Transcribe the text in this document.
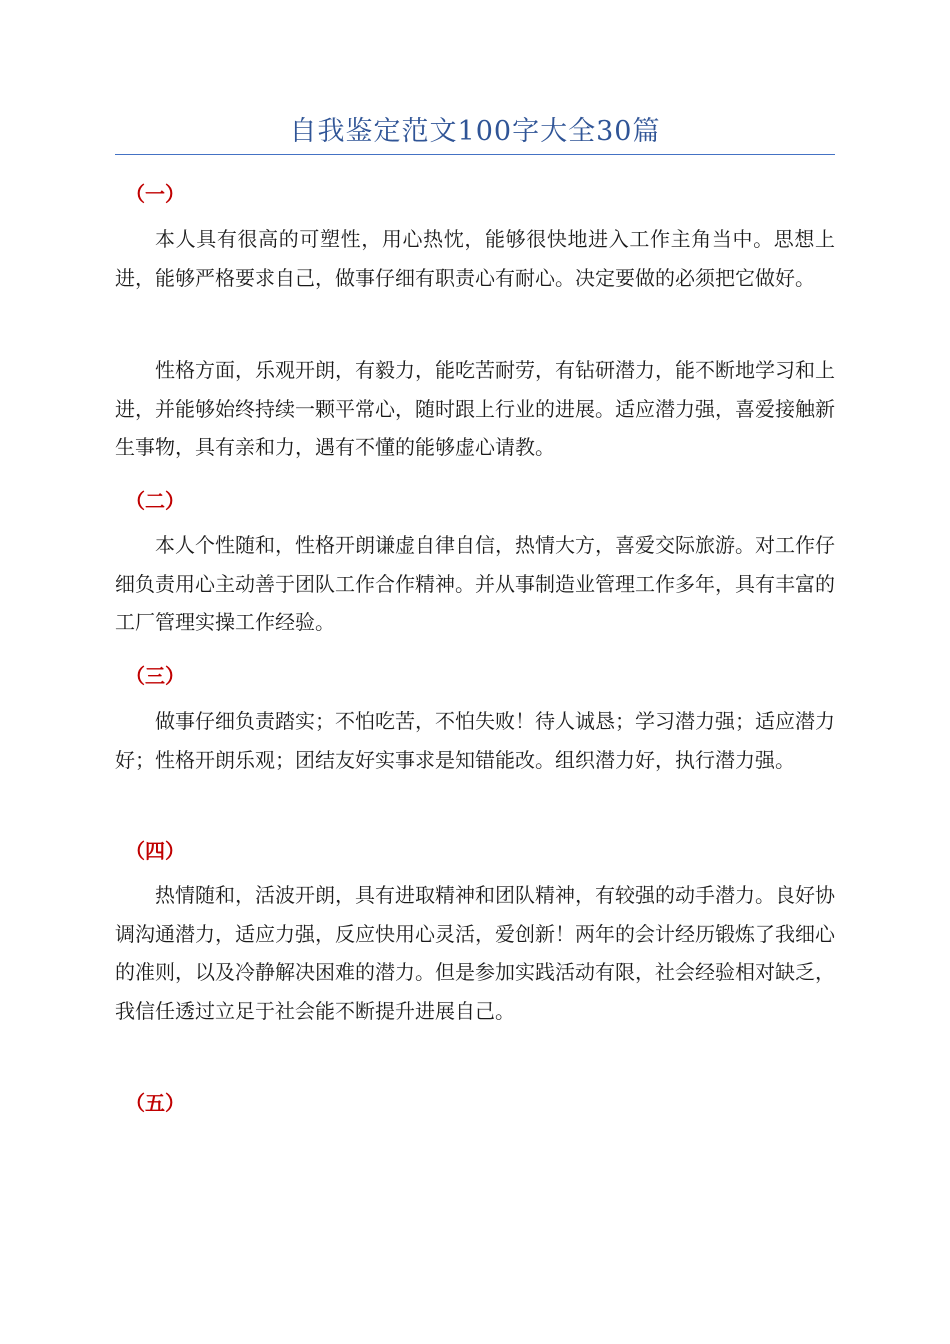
自我鉴定范文100字大全30篇
（一）

本人具有很高的可塑性，用心热忱，能够很快地进入工作主角当中。思想上进，能够严格要求自己，做事仔细有职责心有耐心。决定要做的必须把它做好。

性格方面，乐观开朗，有毅力，能吃苦耐劳，有钻研潜力，能不断地学习和上进，并能够始终持续一颗平常心，随时跟上行业的进展。适应潜力强，喜爱接触新生事物，具有亲和力，遇有不懂的能够虚心请教。

（二）

本人个性随和，性格开朗谦虚自律自信，热情大方，喜爱交际旅游。对工作仔细负责用心主动善于团队工作合作精神。并从事制造业管理工作多年，具有丰富的工厂管理实操工作经验。

（三）

做事仔细负责踏实；不怕吃苦，不怕失败！待人诚恳；学习潜力强；适应潜力好；性格开朗乐观；团结友好实事求是知错能改。组织潜力好，执行潜力强。

（四）

热情随和，活波开朗，具有进取精神和团队精神，有较强的动手潜力。良好协调沟通潜力，适应力强，反应快用心灵活，爱创新！两年的会计经历锻炼了我细心的准则，以及冷静解决困难的潜力。但是参加实践活动有限，社会经验相对缺乏，我信任透过立足于社会能不断提升进展自己。

（五）
